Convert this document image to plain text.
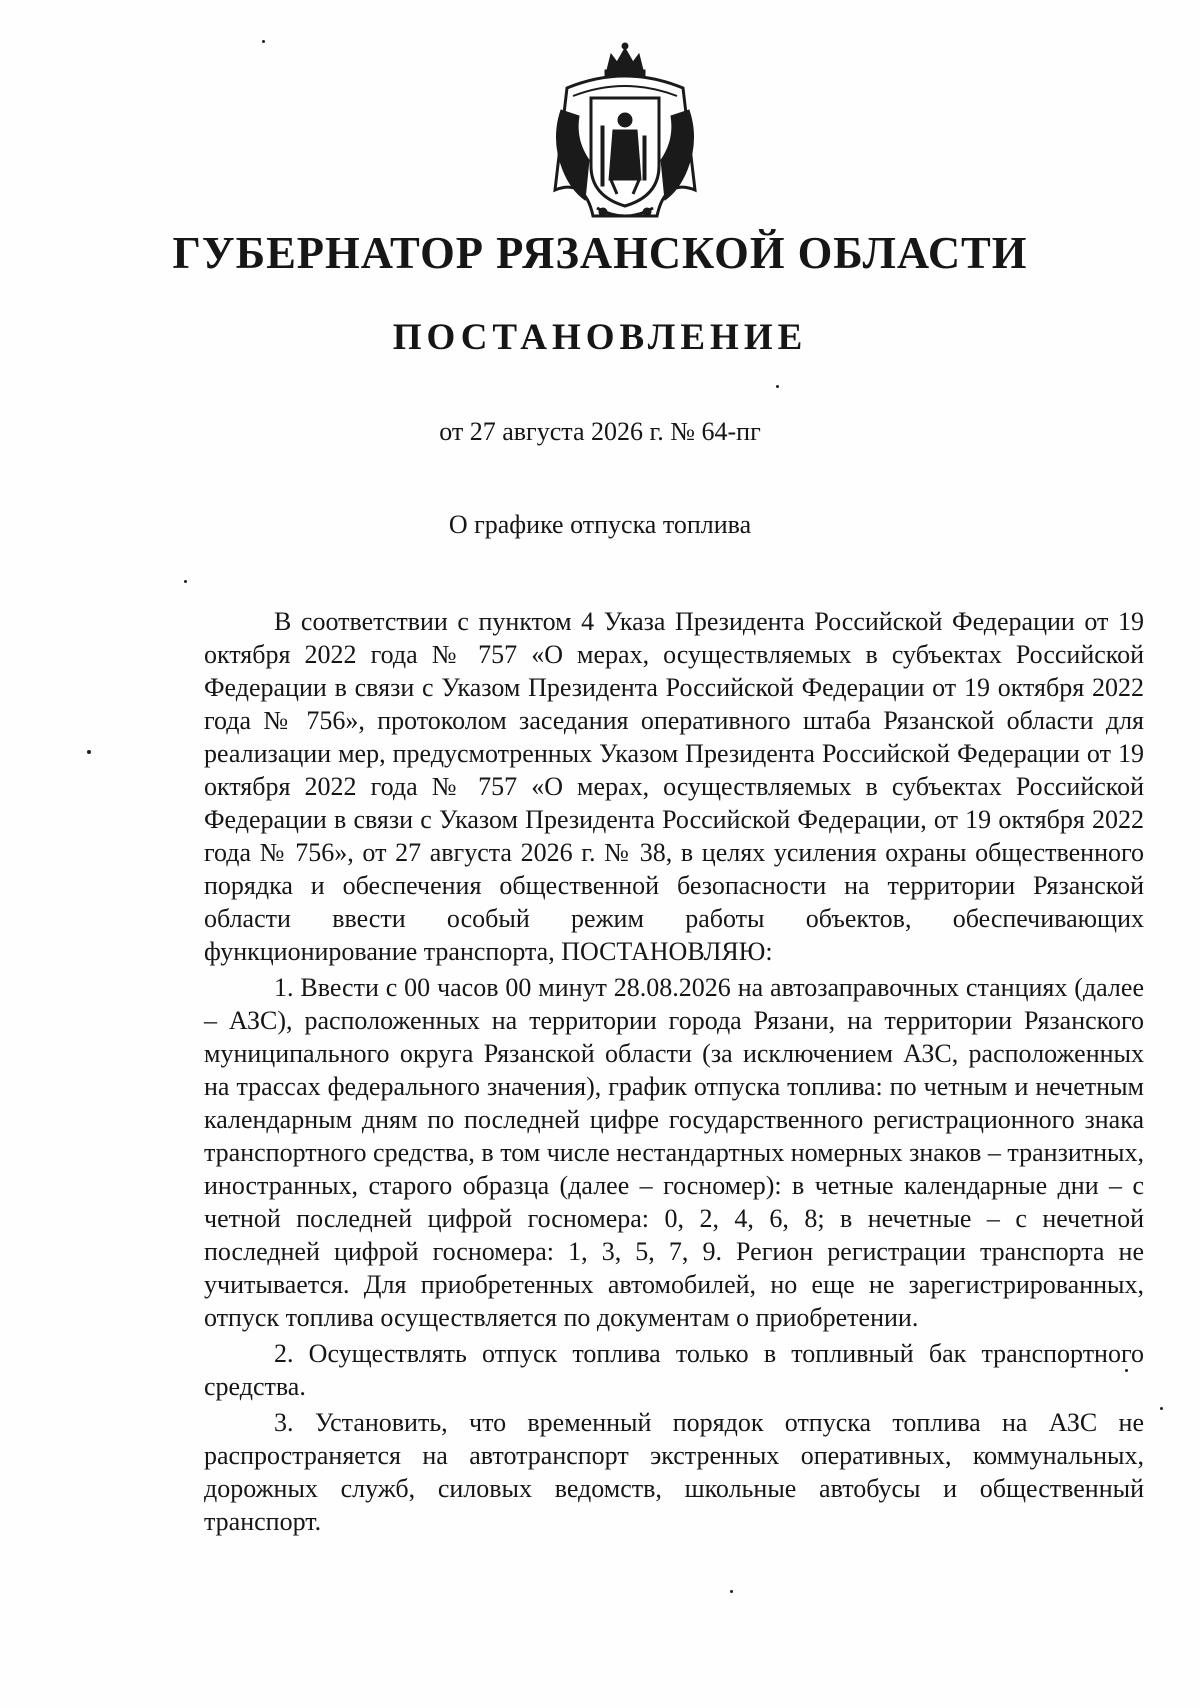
ГУБЕРНАТОР РЯЗАНСКОЙ ОБЛАСТИ
ПОСТАНОВЛЕНИЕ

от 27 августа 2026 г. № 64-пг

О графике отпуска топлива

В соответствии с пунктом 4 Указа Президента Российской Федерации от 19 октября 2022 года № 757 «О мерах, осуществляемых в субъектах Российской Федерации в связи с Указом Президента Российской Федерации от 19 октября 2022 года № 756», протоколом заседания оперативного штаба Рязанской области для реализации мер, предусмотренных Указом Президента Российской Федерации от 19 октября 2022 года № 757 «О мерах, осуществляемых в субъектах Российской Федерации в связи с Указом Президента Российской Федерации, от 19 октября 2022 года № 756», от 27 августа 2026 г. № 38, в целях усиления охраны общественного порядка и обеспечения общественной безопасности на территории Рязанской области ввести особый режим работы объектов, обеспечивающих функционирование транспорта, ПОСТАНОВЛЯЮ:

1. Ввести с 00 часов 00 минут 28.08.2026 на автозаправочных станциях (далее – АЗС), расположенных на территории города Рязани, на территории Рязанского муниципального округа Рязанской области (за исключением АЗС, расположенных на трассах федерального значения), график отпуска топлива: по четным и нечетным календарным дням по последней цифре государственного регистрационного знака транспортного средства, в том числе нестандартных номерных знаков – транзитных, иностранных, старого образца (далее – госномер): в четные календарные дни – с четной последней цифрой госномера: 0, 2, 4, 6, 8; в нечетные – с нечетной последней цифрой госномера: 1, 3, 5, 7, 9. Регион регистрации транспорта не учитывается. Для приобретенных автомобилей, но еще не зарегистрированных, отпуск топлива осуществляется по документам о приобретении.

2. Осуществлять отпуск топлива только в топливный бак транспортного средства.

3. Установить, что временный порядок отпуска топлива на АЗС не распространяется на автотранспорт экстренных оперативных, коммунальных, дорожных служб, силовых ведомств, школьные автобусы и общественный транспорт.
